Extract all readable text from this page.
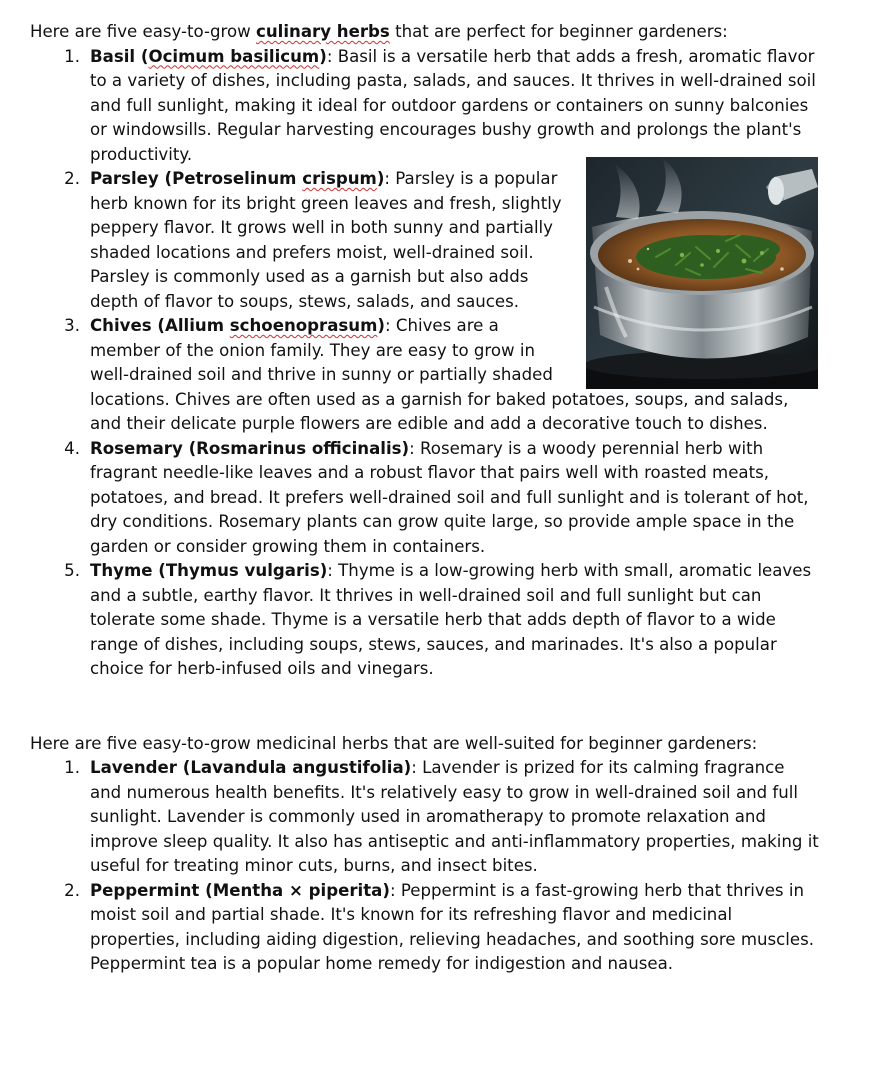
Here are five easy-to-grow culinary herbs that are perfect for beginner gardeners:

Basil (Ocimum basilicum): Basil is a versatile herb that adds a fresh, aromatic flavor to a variety of dishes, including pasta, salads, and sauces. It thrives in well-drained soil and full sunlight, making it ideal for outdoor gardens or containers on sunny balconies or windowsills. Regular harvesting encourages bushy growth and prolongs the plant's productivity.
Parsley (Petroselinum crispum): Parsley is a popular herb known for its bright green leaves and fresh, slightly peppery flavor. It grows well in both sunny and partially shaded locations and prefers moist, well-drained soil. Parsley is commonly used as a garnish but also adds depth of flavor to soups, stews, salads, and sauces.
Chives (Allium schoenoprasum): Chives are a member of the onion family. They are easy to grow in well-drained soil and thrive in sunny or partially shaded locations. Chives are often used as a garnish for baked potatoes, soups, and salads, and their delicate purple flowers are edible and add a decorative touch to dishes.
Rosemary (Rosmarinus officinalis): Rosemary is a woody perennial herb with fragrant needle-like leaves and a robust flavor that pairs well with roasted meats, potatoes, and bread. It prefers well-drained soil and full sunlight and is tolerant of hot, dry conditions. Rosemary plants can grow quite large, so provide ample space in the garden or consider growing them in containers.
Thyme (Thymus vulgaris): Thyme is a low-growing herb with small, aromatic leaves and a subtle, earthy flavor. It thrives in well-drained soil and full sunlight but can tolerate some shade. Thyme is a versatile herb that adds depth of flavor to a wide range of dishes, including soups, stews, sauces, and marinades. It's also a popular choice for herb-infused oils and vinegars.

Here are five easy-to-grow medicinal herbs that are well-suited for beginner gardeners:

Lavender (Lavandula angustifolia): Lavender is prized for its calming fragrance and numerous health benefits. It's relatively easy to grow in well-drained soil and full sunlight. Lavender is commonly used in aromatherapy to promote relaxation and improve sleep quality. It also has antiseptic and anti-inflammatory properties, making it useful for treating minor cuts, burns, and insect bites.
Peppermint (Mentha × piperita): Peppermint is a fast-growing herb that thrives in moist soil and partial shade. It's known for its refreshing flavor and medicinal properties, including aiding digestion, relieving headaches, and soothing sore muscles. Peppermint tea is a popular home remedy for indigestion and nausea.
